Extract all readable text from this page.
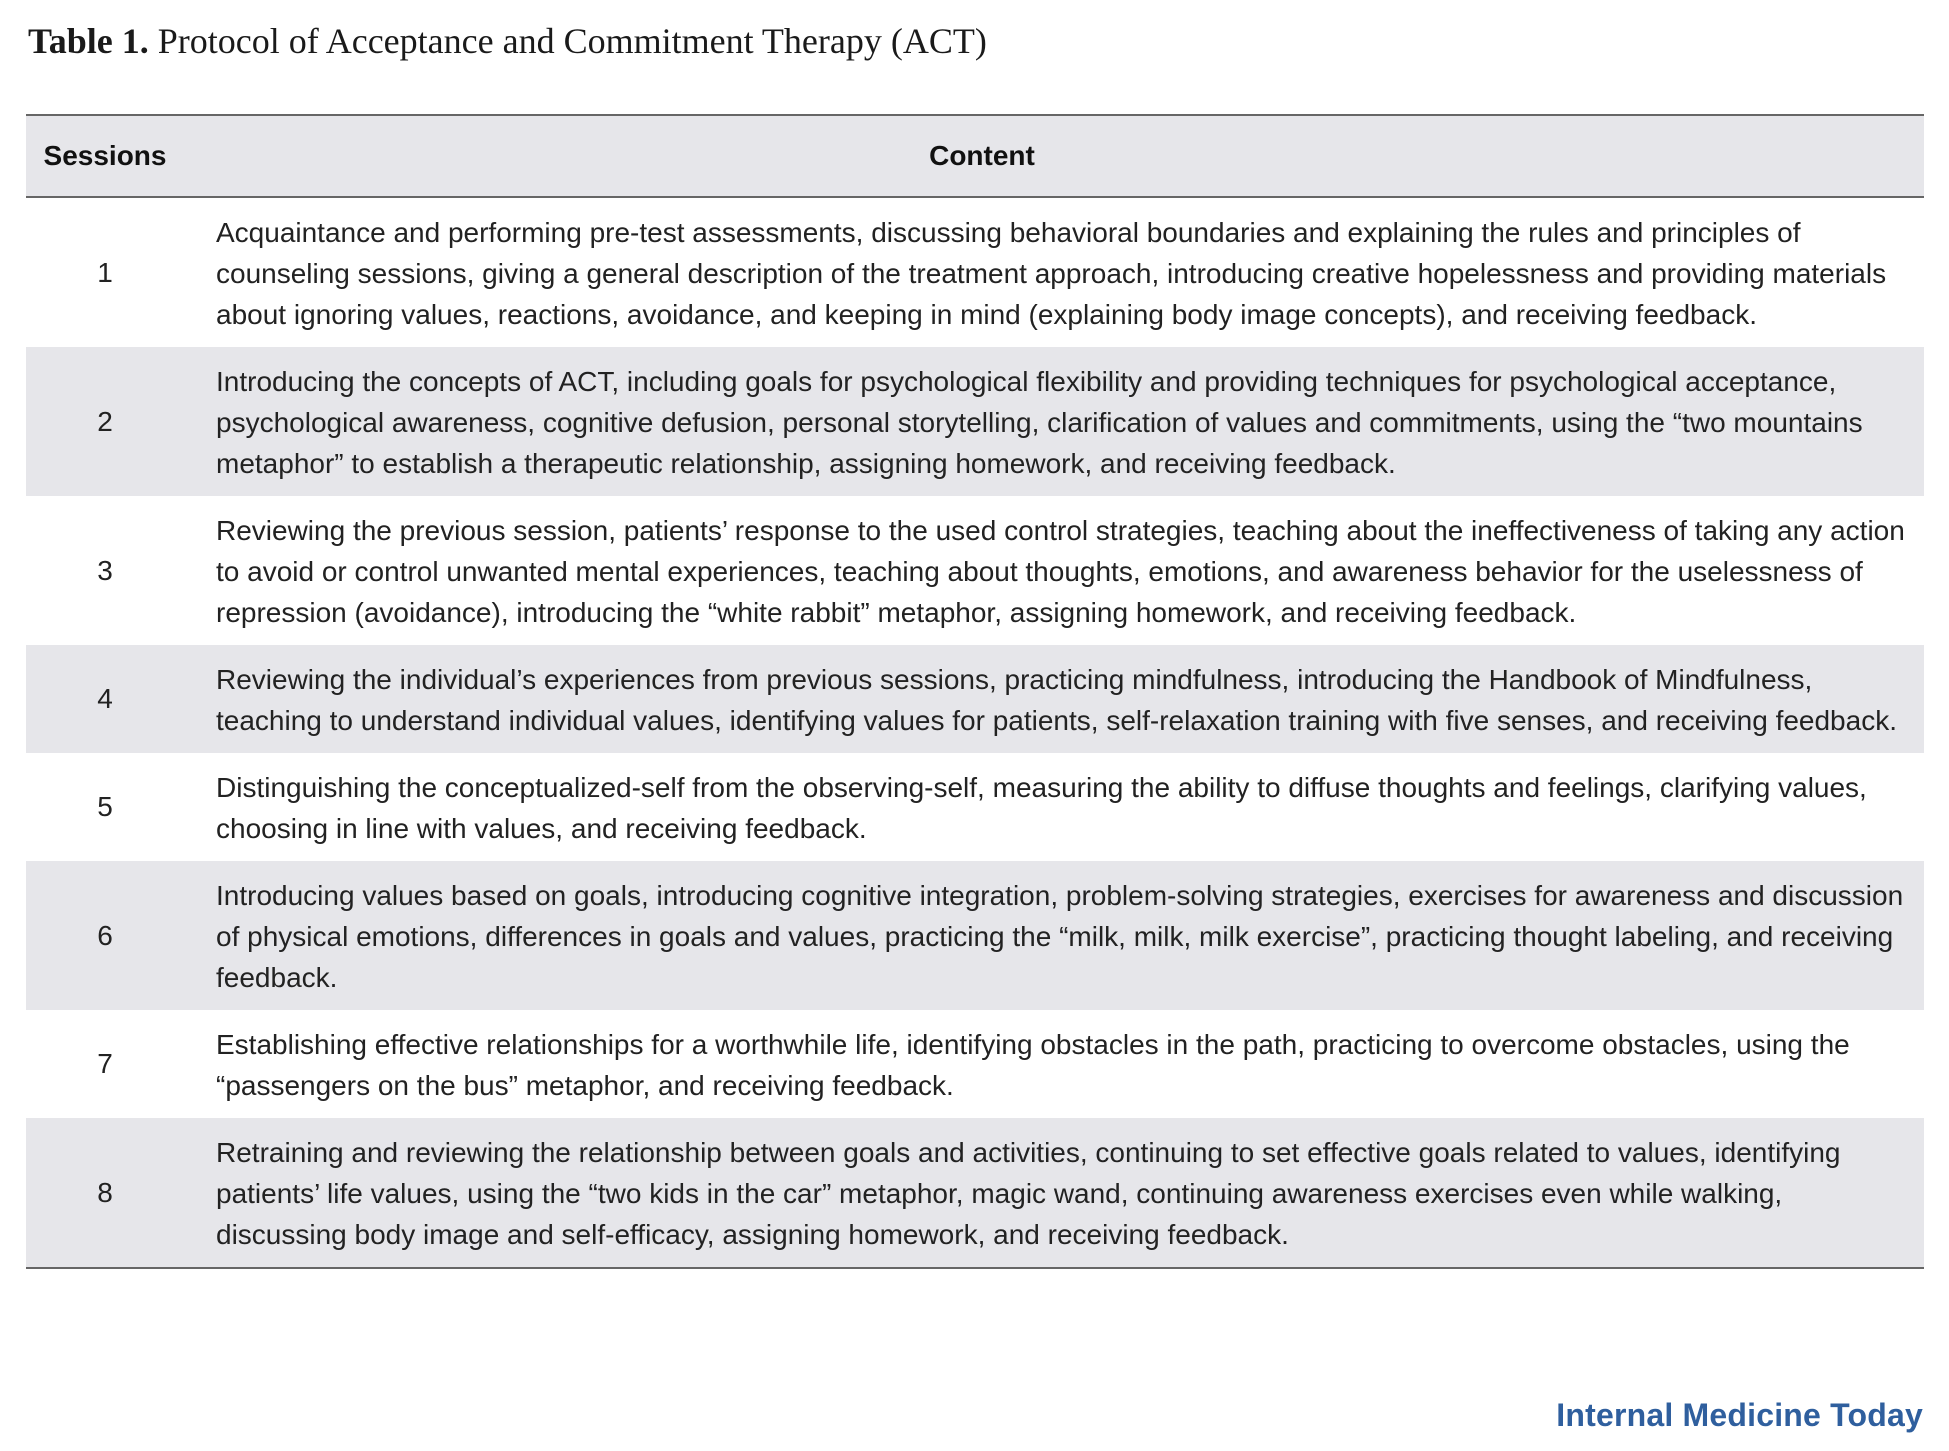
Table 1. Protocol of Acceptance and Commitment Therapy (ACT)
Sessions	Content
1	Acquaintance and performing pre-test assessments, discussing behavioral boundaries and explaining the rules and principles of counseling sessions, giving a general description of the treatment approach, introducing creative hopelessness and providing materials about ignoring values, reactions, avoidance, and keeping in mind (explaining body image concepts), and receiving feedback.
2	Introducing the concepts of ACT, including goals for psychological flexibility and providing techniques for psychological acceptance, psychological awareness, cognitive defusion, personal storytelling, clarification of values and commitments, using the “two mountains metaphor” to establish a therapeutic relationship, assigning homework, and receiving feedback.
3	Reviewing the previous session, patients’ response to the used control strategies, teaching about the ineffectiveness of taking any action to avoid or control unwanted mental experiences, teaching about thoughts, emotions, and awareness behavior for the uselessness of repression (avoidance), introducing the “white rabbit” metaphor, assigning homework, and receiving feedback.
4	Reviewing the individual’s experiences from previous sessions, practicing mindfulness, introducing the Handbook of Mindfulness, teaching to understand individual values, identifying values for patients, self-relaxation training with five senses, and receiving feedback.
5	Distinguishing the conceptualized-self from the observing-self, measuring the ability to diffuse thoughts and feelings, clarifying values, choosing in line with values, and receiving feedback.
6	Introducing values based on goals, introducing cognitive integration, problem-solving strategies, exercises for awareness and discussion of physical emotions, differences in goals and values, practicing the “milk, milk, milk exercise”, practicing thought labeling, and receiving feedback.
7	Establishing effective relationships for a worthwhile life, identifying obstacles in the path, practicing to overcome obstacles, using the “passengers on the bus” metaphor, and receiving feedback.
8	Retraining and reviewing the relationship between goals and activities, continuing to set effective goals related to values, identifying patients’ life values, using the “two kids in the car” metaphor, magic wand, continuing awareness exercises even while walking, discussing body image and self-efficacy, assigning homework, and receiving feedback.
Internal Medicine Today
